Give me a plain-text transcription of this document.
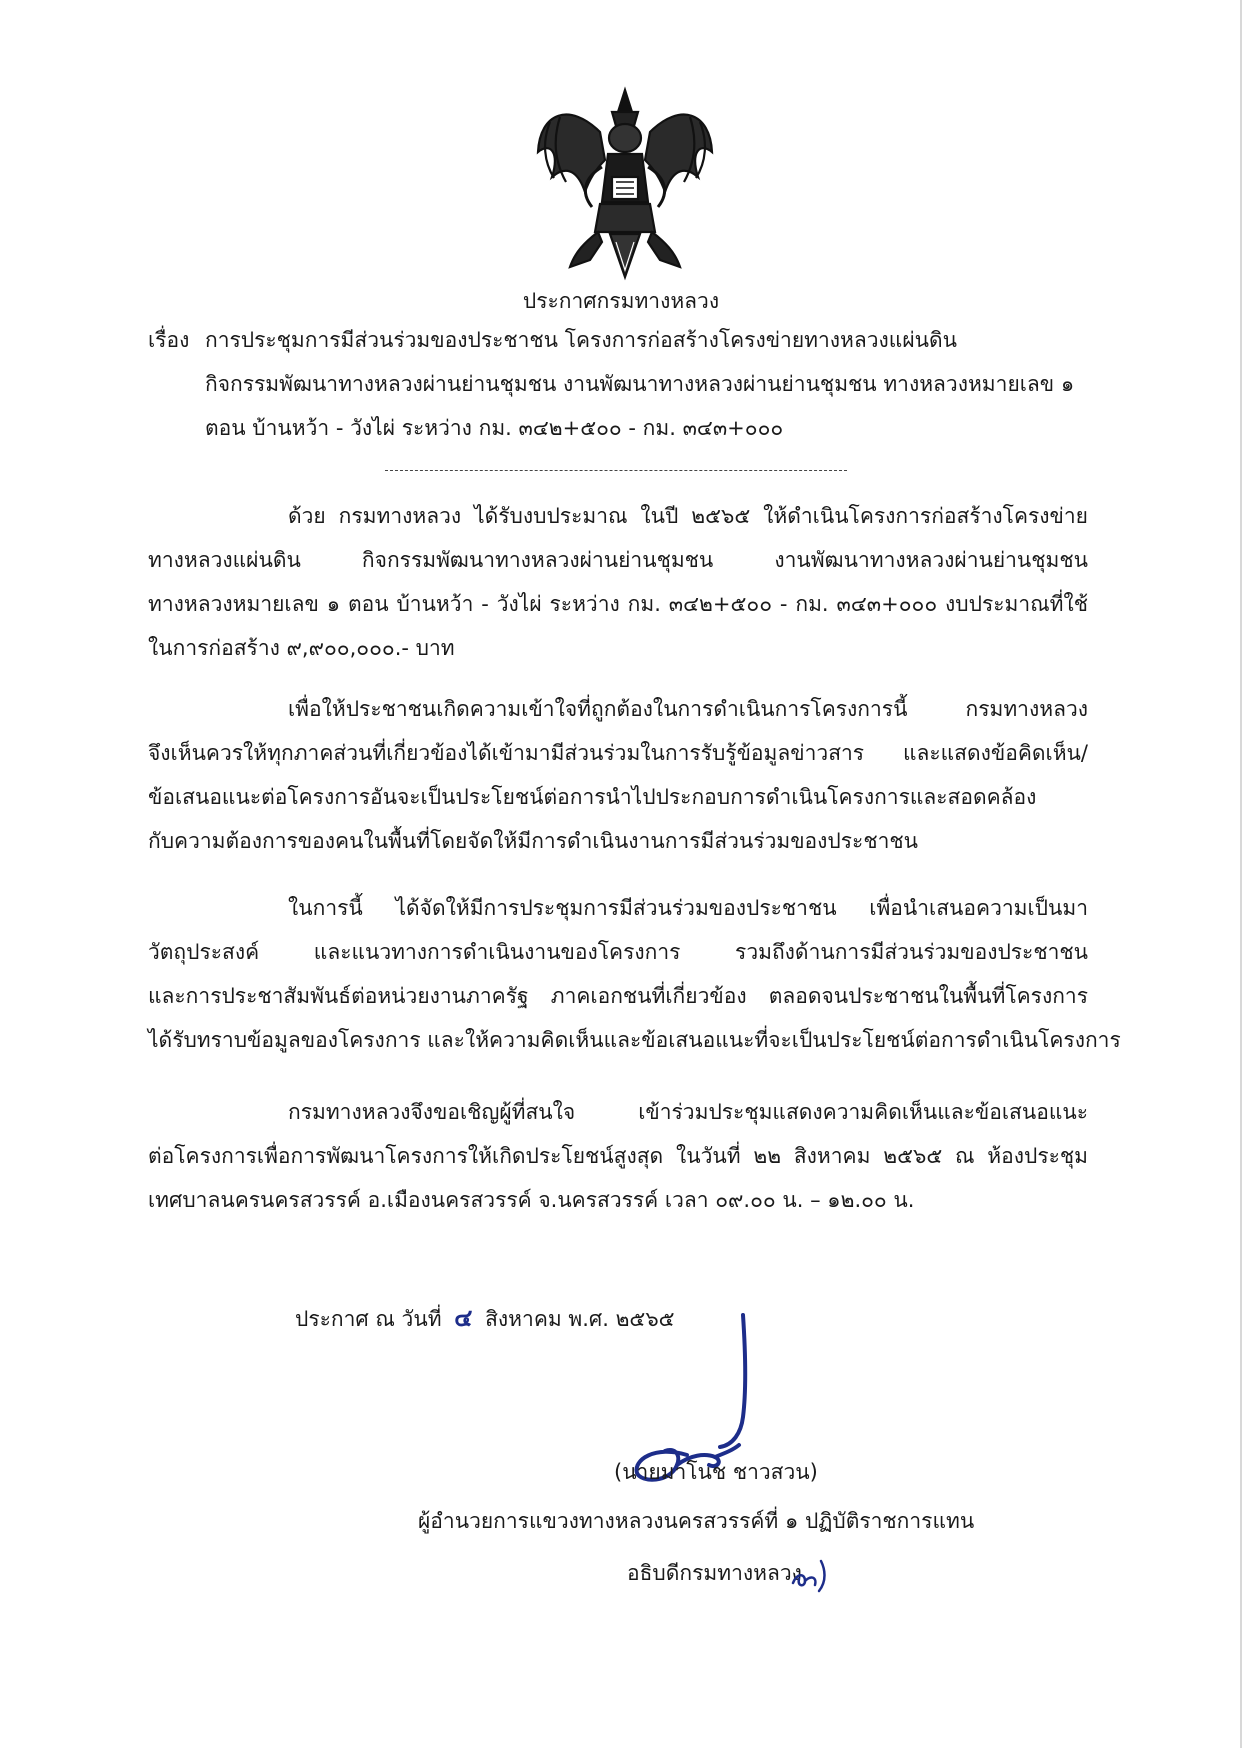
ประกาศกรมทางหลวง
เรื่อง การประชุมการมีส่วนร่วมของประชาชน โครงการก่อสร้างโครงข่ายทางหลวงแผ่นดิน
กิจกรรมพัฒนาทางหลวงผ่านย่านชุมชน งานพัฒนาทางหลวงผ่านย่านชุมชน ทางหลวงหมายเลข ๑
ตอน บ้านหว้า - วังไผ่ ระหว่าง กม. ๓๔๒+๕๐๐ - กม. ๓๔๓+๐๐๐
ด้วย กรมทางหลวง ได้รับงบประมาณ ในปี ๒๕๖๕ ให้ดำเนินโครงการก่อสร้างโครงข่าย
ทางหลวงแผ่นดิน กิจกรรมพัฒนาทางหลวงผ่านย่านชุมชน งานพัฒนาทางหลวงผ่านย่านชุมชน
ทางหลวงหมายเลข ๑ ตอน บ้านหว้า - วังไผ่ ระหว่าง กม. ๓๔๒+๕๐๐ - กม. ๓๔๓+๐๐๐ งบประมาณที่ใช้
ในการก่อสร้าง ๙,๙๐๐,๐๐๐.- บาท
เพื่อให้ประชาชนเกิดความเข้าใจที่ถูกต้องในการดำเนินการโครงการนี้ กรมทางหลวง
จึงเห็นควรให้ทุกภาคส่วนที่เกี่ยวข้องได้เข้ามามีส่วนร่วมในการรับรู้ข้อมูลข่าวสาร และแสดงข้อคิดเห็น/
ข้อเสนอแนะต่อโครงการอันจะเป็นประโยชน์ต่อการนำไปประกอบการดำเนินโครงการและสอดคล้อง
กับความต้องการของคนในพื้นที่โดยจัดให้มีการดำเนินงานการมีส่วนร่วมของประชาชน
ในการนี้ ได้จัดให้มีการประชุมการมีส่วนร่วมของประชาชน เพื่อนำเสนอความเป็นมา
วัตถุประสงค์ และแนวทางการดำเนินงานของโครงการ รวมถึงด้านการมีส่วนร่วมของประชาชน
และการประชาสัมพันธ์ต่อหน่วยงานภาครัฐ ภาคเอกชนที่เกี่ยวข้อง ตลอดจนประชาชนในพื้นที่โครงการ
ได้รับทราบข้อมูลของโครงการ และให้ความคิดเห็นและข้อเสนอแนะที่จะเป็นประโยชน์ต่อการดำเนินโครงการ
กรมทางหลวงจึงขอเชิญผู้ที่สนใจ เข้าร่วมประชุมแสดงความคิดเห็นและข้อเสนอแนะ
ต่อโครงการเพื่อการพัฒนาโครงการให้เกิดประโยชน์สูงสุด ในวันที่ ๒๒ สิงหาคม ๒๕๖๕ ณ ห้องประชุม
เทศบาลนครนครสวรรค์ อ.เมืองนครสวรรค์ จ.นครสวรรค์ เวลา ๐๙.๐๐ น. – ๑๒.๐๐ น.
ประกาศ ณ วันที่ ๔ สิงหาคม พ.ศ. ๒๕๖๕
(นายมาโนช ชาวสวน)
ผู้อำนวยการแขวงทางหลวงนครสวรรค์ที่ ๑ ปฏิบัติราชการแทน
อธิบดีกรมทางหลวง
